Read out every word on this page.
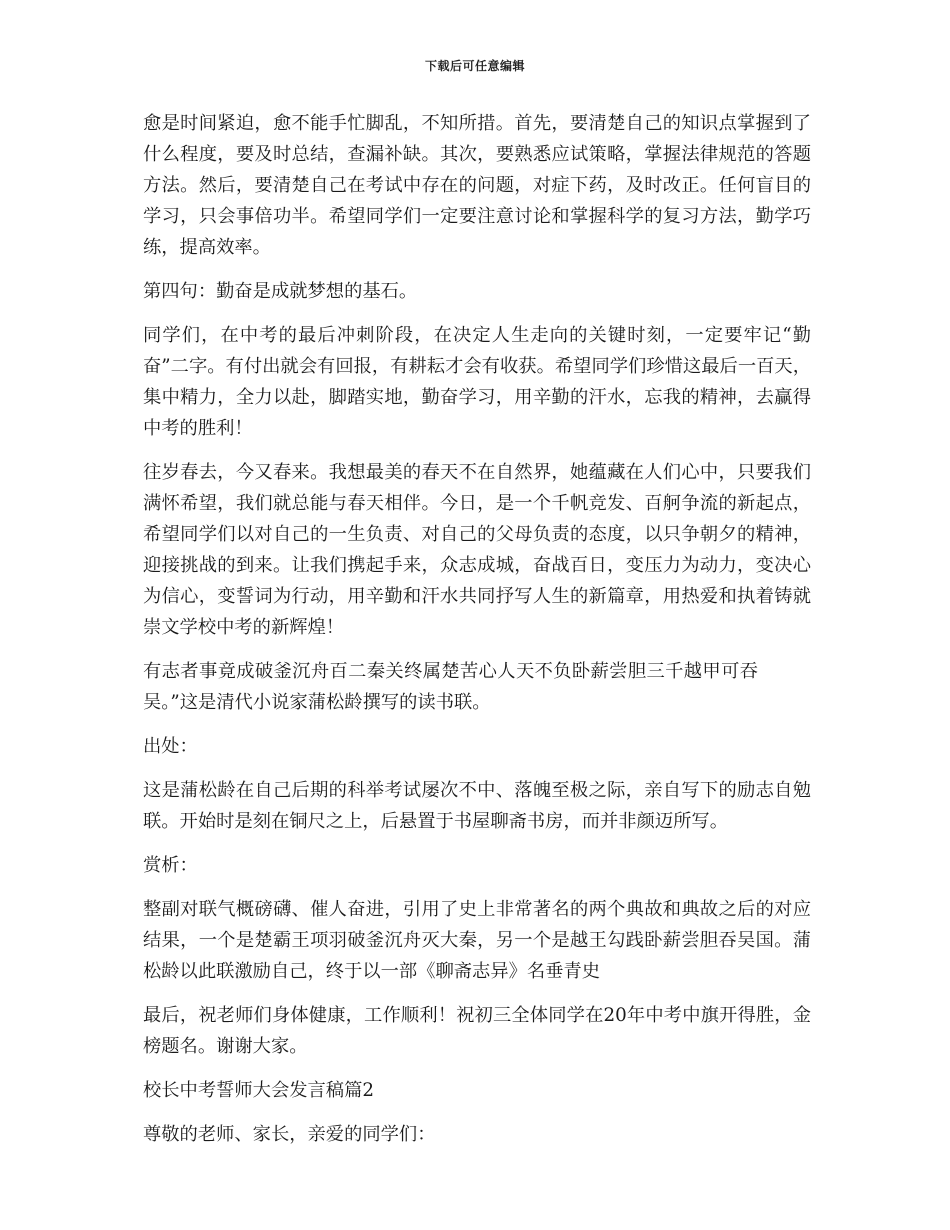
下载后可任意编辑

愈是时间紧迫，愈不能手忙脚乱，不知所措。首先，要清楚自己的知识点掌握到了什么程度，要及时总结，查漏补缺。其次，要熟悉应试策略，掌握法律规范的答题方法。然后，要清楚自己在考试中存在的问题，对症下药，及时改正。任何盲目的学习，只会事倍功半。希望同学们一定要注意讨论和掌握科学的复习方法，勤学巧练，提高效率。

第四句：勤奋是成就梦想的基石。

同学们，在中考的最后冲刺阶段，在决定人生走向的关键时刻，一定要牢记“勤奋”二字。有付出就会有回报，有耕耘才会有收获。希望同学们珍惜这最后一百天，集中精力，全力以赴，脚踏实地，勤奋学习，用辛勤的汗水，忘我的精神，去赢得中考的胜利！

往岁春去，今又春来。我想最美的春天不在自然界，她蕴藏在人们心中，只要我们满怀希望，我们就总能与春天相伴。今日，是一个千帆竞发、百舸争流的新起点，希望同学们以对自己的一生负责、对自己的父母负责的态度，以只争朝夕的精神，迎接挑战的到来。让我们携起手来，众志成城，奋战百日，变压力为动力，变决心为信心，变誓词为行动，用辛勤和汗水共同抒写人生的新篇章，用热爱和执着铸就崇文学校中考的新辉煌！

有志者事竟成破釜沉舟百二秦关终属楚苦心人天不负卧薪尝胆三千越甲可吞吴。”这是清代小说家蒲松龄撰写的读书联。

出处：

这是蒲松龄在自己后期的科举考试屡次不中、落魄至极之际，亲自写下的励志自勉联。开始时是刻在铜尺之上，后悬置于书屋聊斋书房，而并非颜迈所写。

赏析：

整副对联气概磅礴、催人奋进，引用了史上非常著名的两个典故和典故之后的对应结果，一个是楚霸王项羽破釜沉舟灭大秦，另一个是越王勾践卧薪尝胆吞吴国。蒲松龄以此联激励自己，终于以一部《聊斋志异》名垂青史

最后，祝老师们身体健康，工作顺利！祝初三全体同学在20年中考中旗开得胜，金榜题名。谢谢大家。

校长中考誓师大会发言稿篇2

尊敬的老师、家长，亲爱的同学们：
